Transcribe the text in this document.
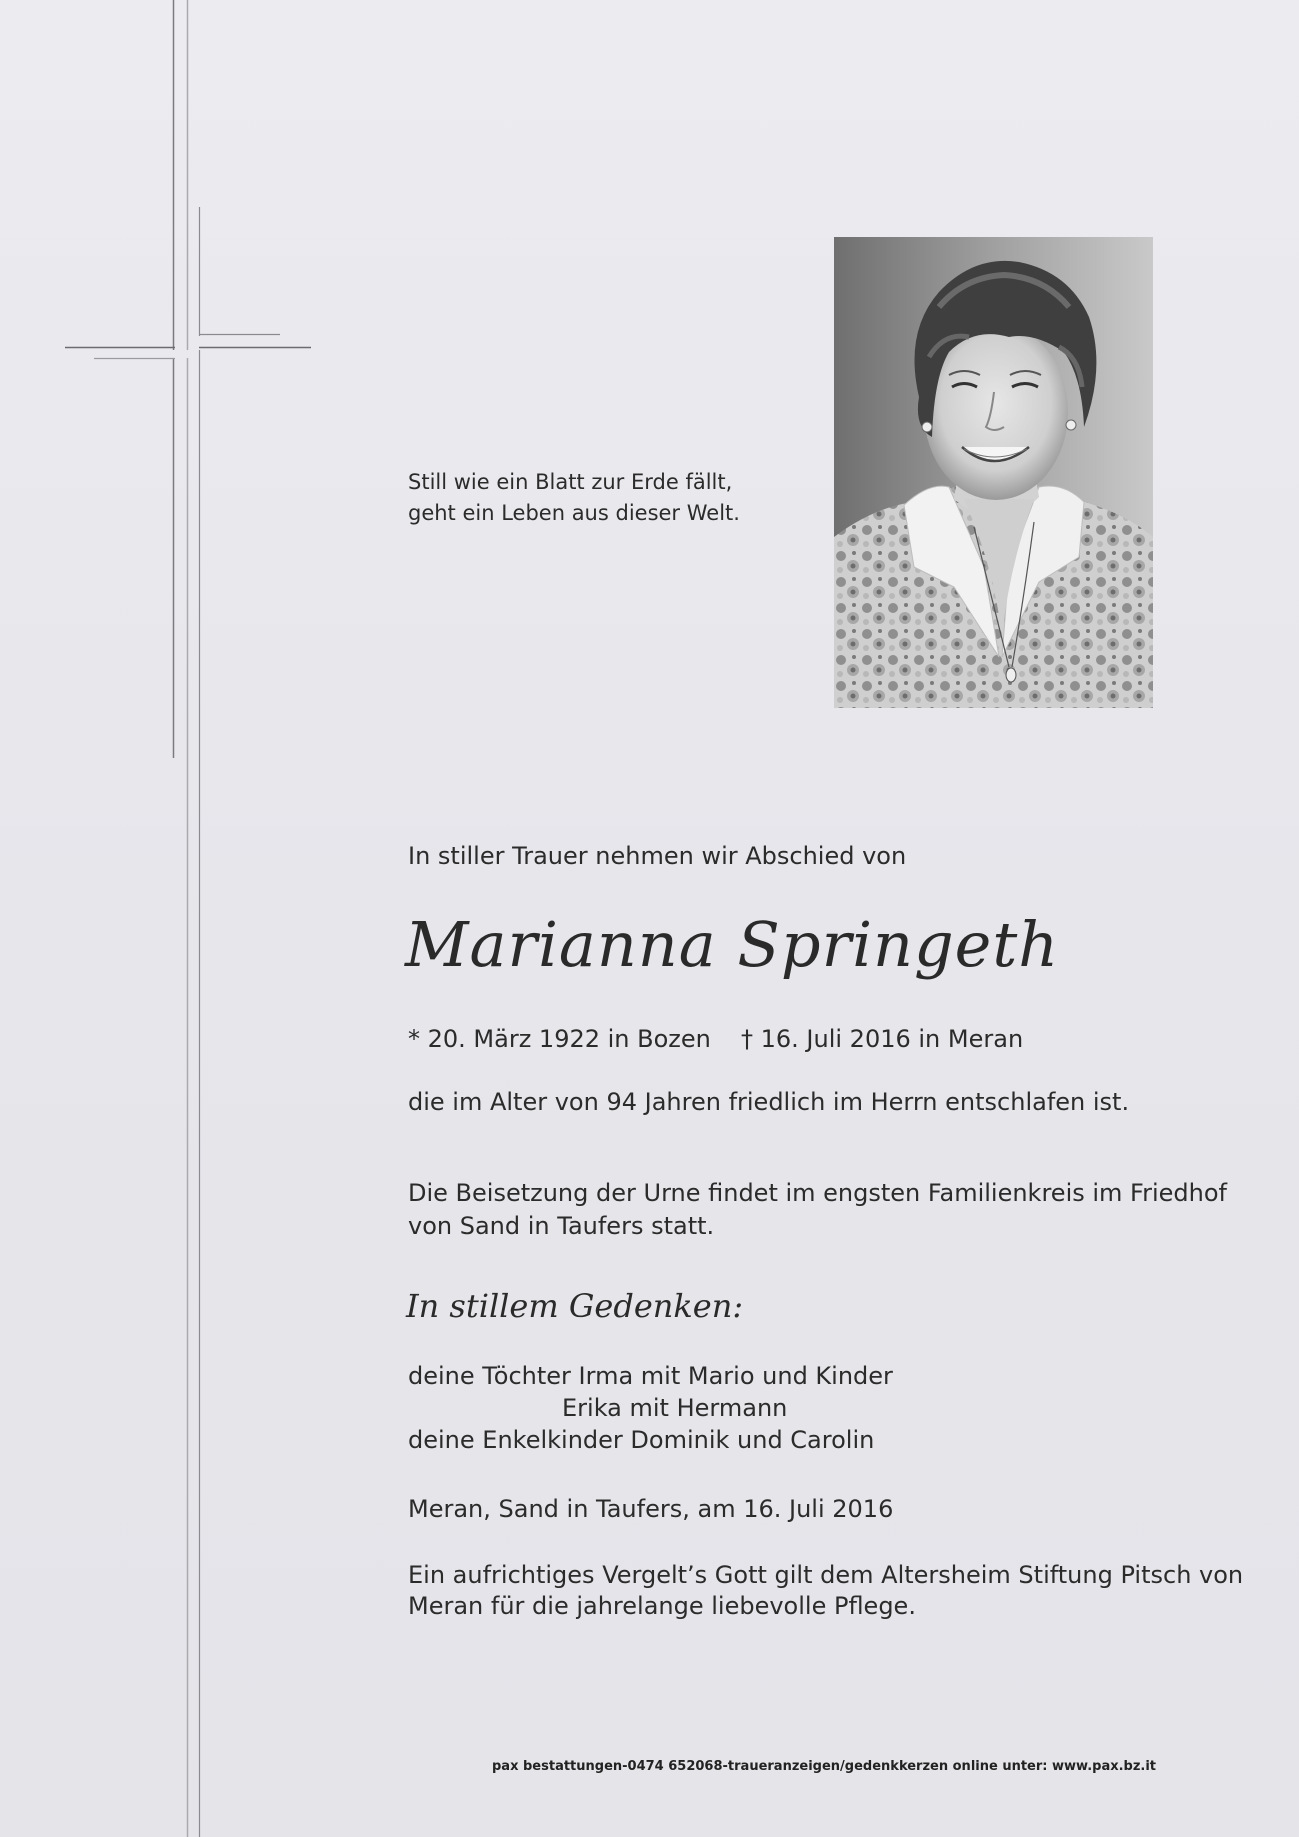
Still wie ein Blatt zur Erde fällt,
geht ein Leben aus dieser Welt.
In stiller Trauer nehmen wir Abschied von
Marianna Springeth
* 20. März 1922 in Bozen † 16. Juli 2016 in Meran
die im Alter von 94 Jahren friedlich im Herrn entschlafen ist.
Die Beisetzung der Urne findet im engsten Familienkreis im Friedhof
von Sand in Taufers statt.
In stillem Gedenken:
deine Töchter Irma mit Mario und Kinder
Erika mit Hermann
deine Enkelkinder Dominik und Carolin
Meran, Sand in Taufers, am 16. Juli 2016
Ein aufrichtiges Vergelt’s Gott gilt dem Altersheim Stiftung Pitsch von
Meran für die jahrelange liebevolle Pflege.
pax bestattungen-0474 652068-traueranzeigen/gedenkkerzen online unter: www.pax.bz.it
